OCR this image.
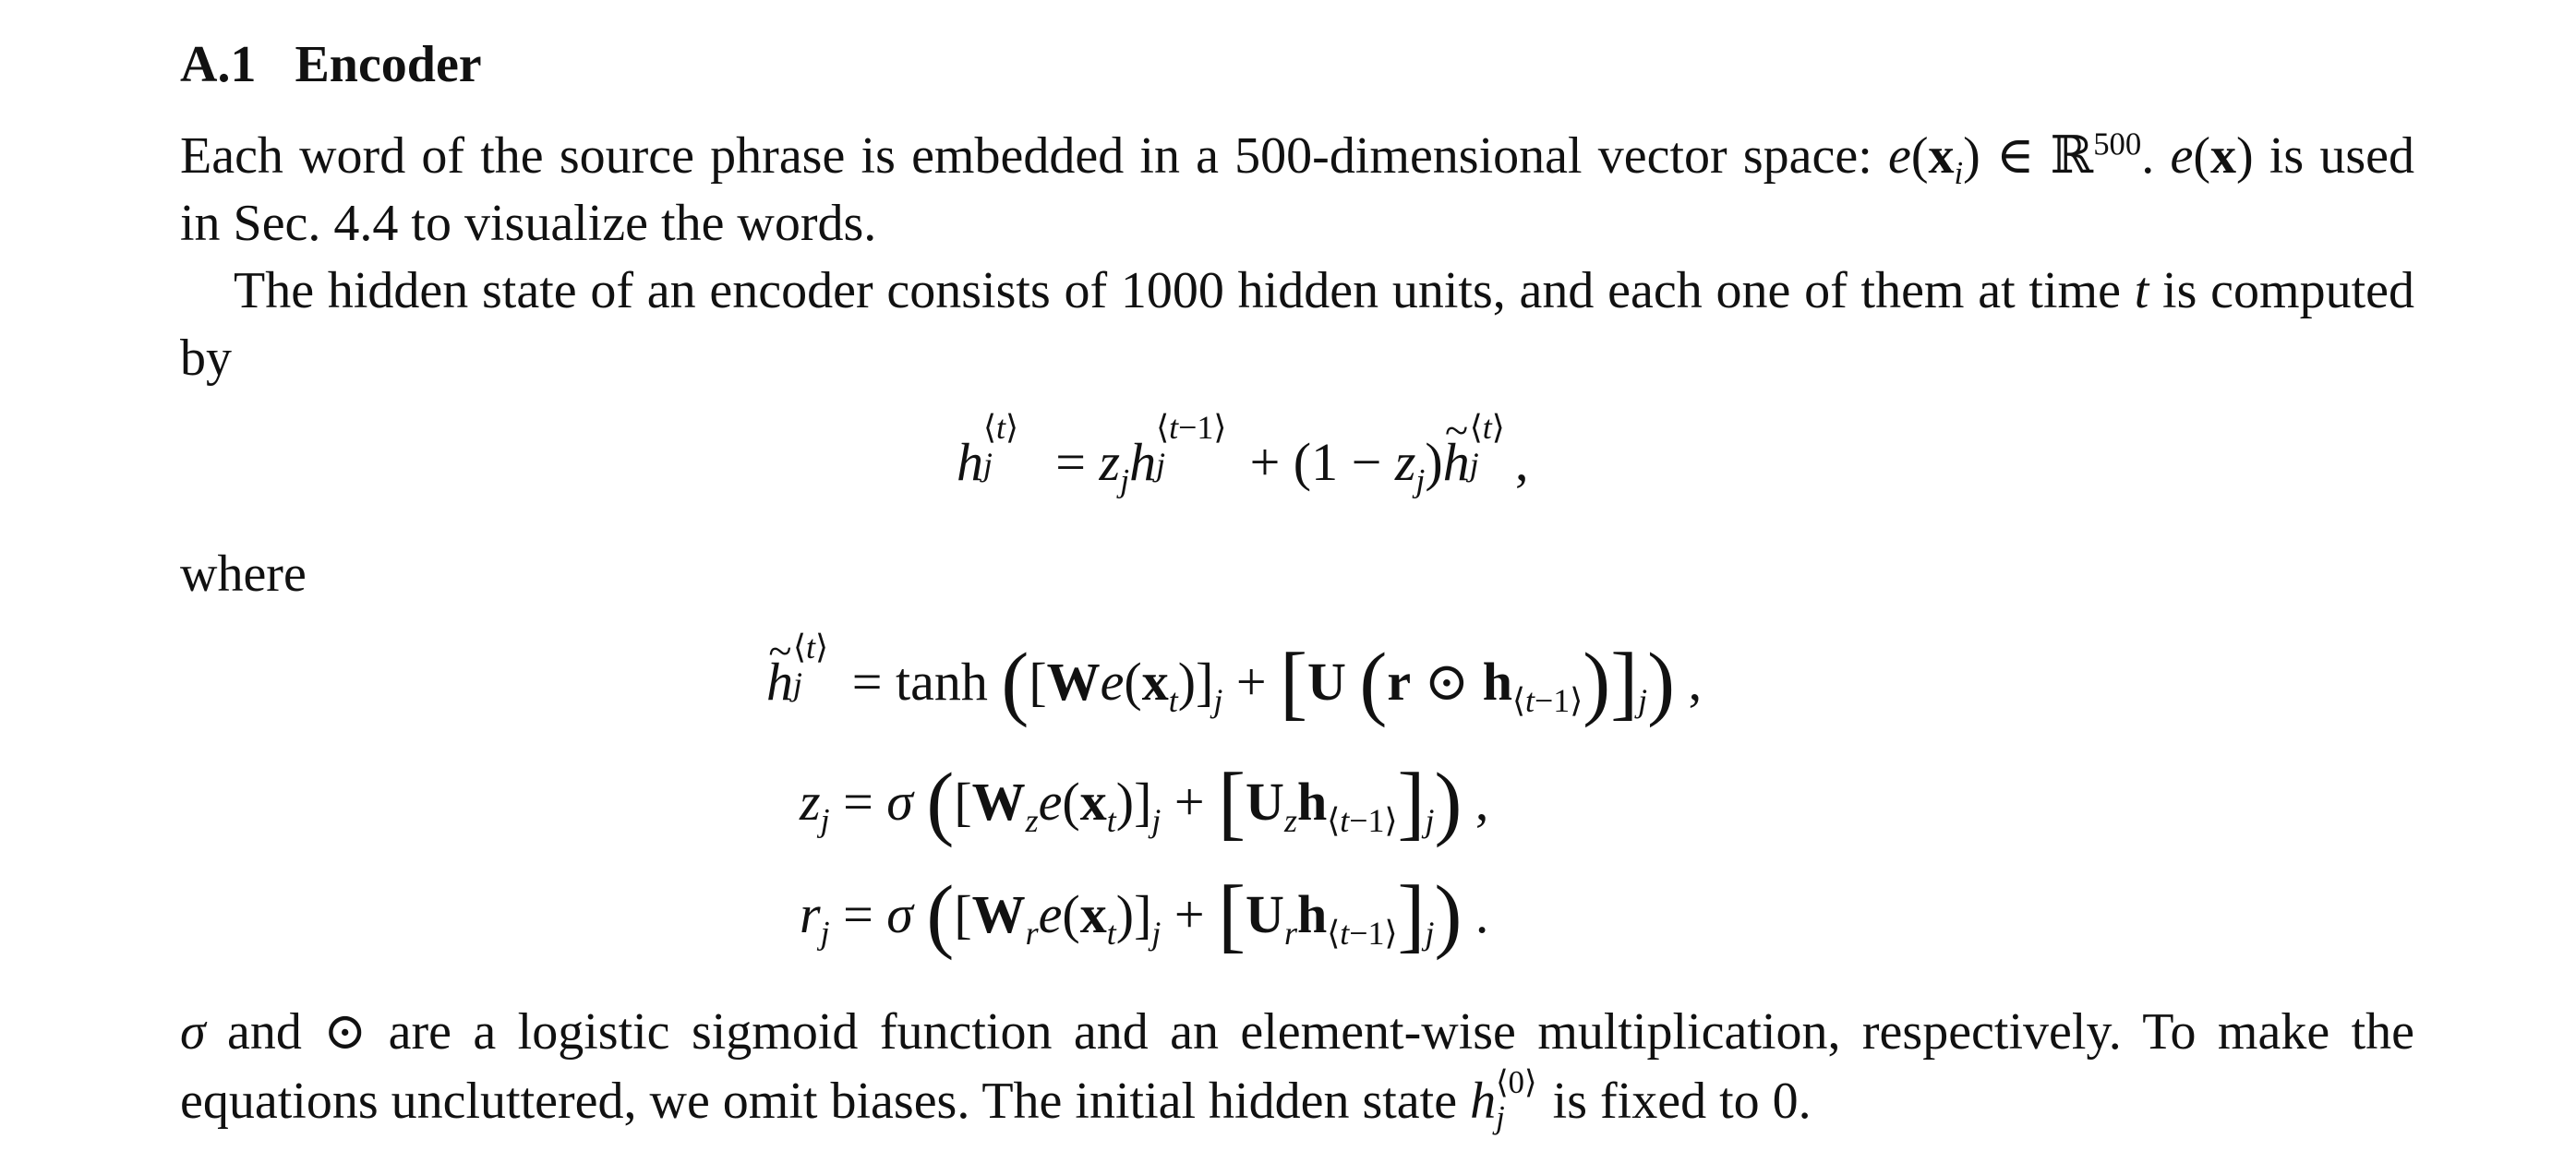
A.1 Encoder
Each word of the source phrase is embedded in a 500-dimensional vector space: $e(x_i)$ ∈ ℝ$^{500}$. e(x) is used in Sec. 4.4 to visualize the words.
The hidden state of an encoder consists of 1000 hidden units, and each one of them at time t is computed by
h
⟨t⟩
$j = z_jh$
⟨t−1⟩
$j + (1 - z_j)\sim$ h
⟨t⟩
j ,
where
~ h
⟨t⟩
$j = \tanh ([We(x_t)]_j + [U$ (r ⊙ $h_{⟨t-1⟩})]_j$) ,
$z_j = \sigma$ $([W_ze(x_t)]_j + [U_zh_{⟨t-1⟩}]_j)$ ,
$r_j = \sigma$ $([W_re(x_t)]_j + [U_rh_{⟨t-1⟩}]_j)$ .
σ and ⊙ are a logistic sigmoid function and an element-wise multiplication, respectively. To make the equations uncluttered, we omit biases. The initial hidden state h ⟨0⟩
j is fixed to 0.
